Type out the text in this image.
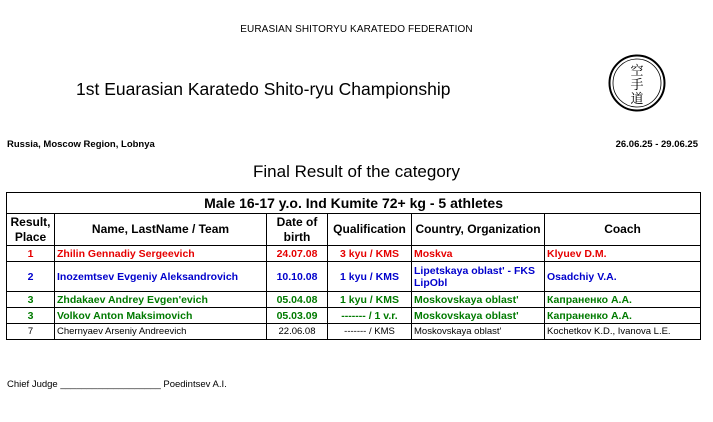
EURASIAN SHITORYU KARATEDO FEDERATION
1st Euarasian Karatedo Shito-ryu Championship
空
手
道
Russia, Moscow Region, Lobnya	26.06.25 - 29.06.25
Final Result of the category
Male 16-17 y.o. Ind Kumite 72+ kg - 5 athletes					
Result, Place	Name, LastName / Team	Date of birth	Qualification	Country, Organization	Coach
1	Zhilin Gennadiy Sergeevich	24.07.08	3 kyu / KMS	Moskva	Klyuev D.M.
2	Inozemtsev Evgeniy Aleksandrovich	10.10.08	1 kyu / KMS	Lipetskaya oblast' - FKS LipObl	Osadchiy V.A.
3	Zhdakaev Andrey Evgen'evich	05.04.08	1 kyu / KMS	Moskovskaya oblast'	Капраненко А.А.
3	Volkov Anton Maksimovich	05.03.09	------- / 1 v.r.	Moskovskaya oblast'	Капраненко А.А.
7	Chernyaev Arseniy Andreevich	22.06.08	------- / KMS	Moskovskaya oblast'	Kochetkov K.D., Ivanova L.E.
Chief Judge ___________________ Poedintsev A.I.
